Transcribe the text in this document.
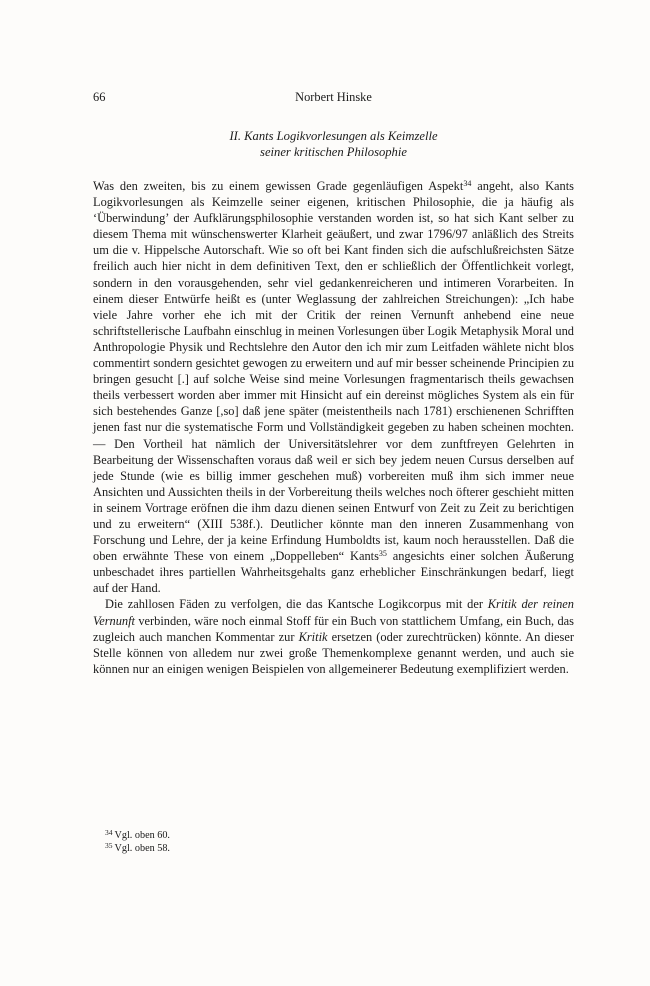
66	Norbert Hinske
II. Kants Logikvorlesungen als Keimzelle
seiner kritischen Philosophie

Was den zweiten, bis zu einem gewissen Grade gegenläufigen Aspekt$^{34}$ angeht, also Kants Logikvorlesungen als Keimzelle seiner eigenen, kritischen Philosophie, die ja häufig als ‘Überwindung’ der Aufklärungsphilosophie verstanden worden ist, so hat sich Kant selber zu diesem Thema mit wünschenswerter Klarheit geäußert, und zwar 1796/97 anläßlich des Streits um die v. Hippelsche Autorschaft. Wie so oft bei Kant finden sich die aufschlußreichsten Sätze freilich auch hier nicht in dem definitiven Text, den er schließlich der Öffentlichkeit vorlegt, sondern in den vorausgehenden, sehr viel gedankenreicheren und intimeren Vorarbeiten. In einem dieser Entwürfe heißt es (unter Weglassung der zahlreichen Streichungen): „Ich habe viele Jahre vorher ehe ich mit der Critik der reinen Vernunft anhebend eine neue schriftstellerische Laufbahn einschlug in meinen Vorlesungen über Logik Metaphysik Moral und Anthropologie Physik und Rechtslehre den Autor den ich mir zum Leitfaden wählete nicht blos commentirt sondern gesichtet gewogen zu erweitern und auf mir besser scheinende Principien zu bringen gesucht [.] auf solche Weise sind meine Vorlesungen fragmentarisch theils gewachsen theils verbessert worden aber immer mit Hinsicht auf ein dereinst mögliches System als ein für sich bestehendes Ganze [,so] daß jene später (meistentheils nach 1781) erschienenen Schrifften jenen fast nur die systematische Form und Vollständigkeit gegeben zu haben scheinen mochten. — Den Vortheil hat nämlich der Universitätslehrer vor dem zunftfreyen Gelehrten in Bearbeitung der Wissenschaften voraus daß weil er sich bey jedem neuen Cursus derselben auf jede Stunde (wie es billig immer geschehen muß) vorbereiten muß ihm sich immer neue Ansichten und Aussichten theils in der Vorbereitung theils welches noch öfterer geschieht mitten in seinem Vortrage eröfnen die ihm dazu dienen seinen Entwurf von Zeit zu Zeit zu berichtigen und zu erweitern“ (XIII 538f.). Deutlicher könnte man den inneren Zusammenhang von Forschung und Lehre, der ja keine Erfindung Humboldts ist, kaum noch herausstellen. Daß die oben erwähnte These von einem „Doppelleben“ Kants$^{35}$ angesichts einer solchen Äußerung unbeschadet ihres partiellen Wahrheitsgehalts ganz erheblicher Einschränkungen bedarf, liegt auf der Hand.

Die zahllosen Fäden zu verfolgen, die das Kantsche Logikcorpus mit der Kritik der reinen Vernunft verbinden, wäre noch einmal Stoff für ein Buch von stattlichem Umfang, ein Buch, das zugleich auch manchen Kommentar zur Kritik ersetzen (oder zurechtrücken) könnte. An dieser Stelle können von alledem nur zwei große Themenkomplexe genannt werden, und auch sie können nur an einigen wenigen Beispielen von allgemeinerer Bedeutung exemplifiziert werden.

$^{34}$ Vgl. oben 60.
$^{35}$ Vgl. oben 58.
